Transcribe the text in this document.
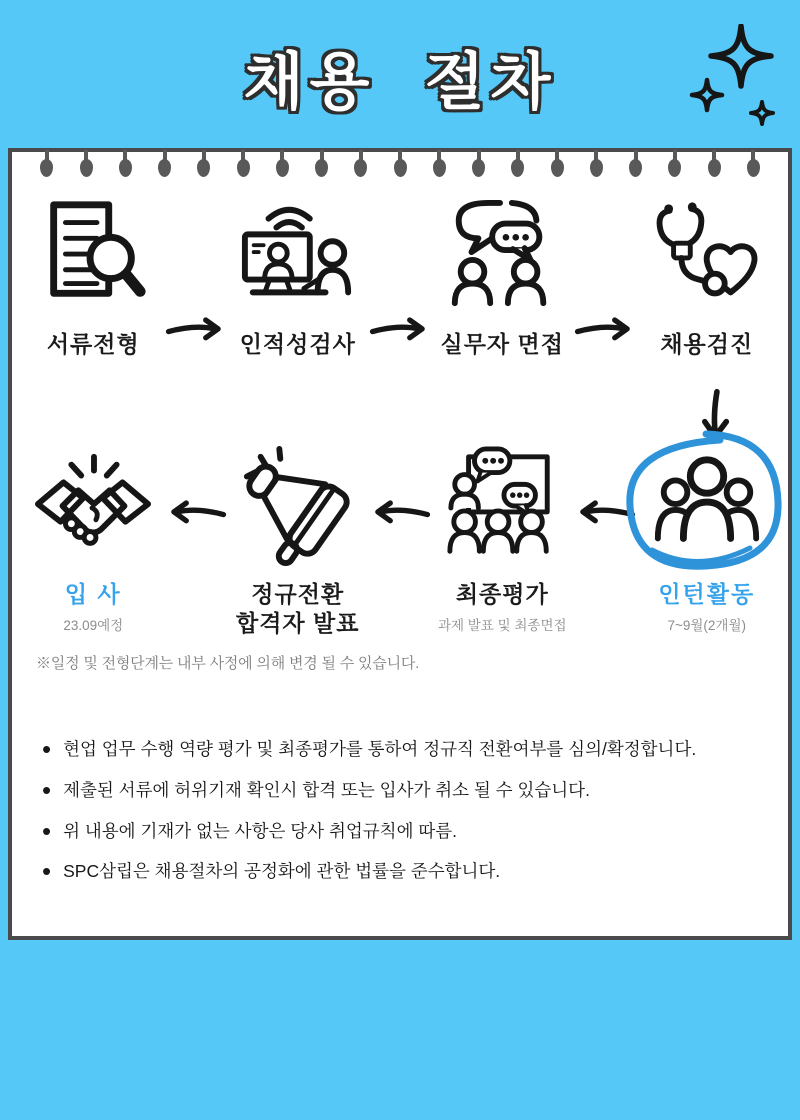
채용 절차
서류전형	인적성검사	실무자 면접	채용검진
입 사
23.09예정
정규전환
합격자 발표
최종평가
과제 발표 및 최종면접
인턴활동
7~9월(2개월)
※일정 및 전형단계는 내부 사정에 의해 변경 될 수 있습니다.
• 현업 업무 수행 역량 평가 및 최종평가를 통하여 정규직 전환여부를 심의/확정합니다.
• 제출된 서류에 허위기재 확인시 합격 또는 입사가 취소 될 수 있습니다.
• 위 내용에 기재가 없는 사항은 당사 취업규칙에 따름.
• SPC삼립은 채용절차의 공정화에 관한 법률을 준수합니다.
